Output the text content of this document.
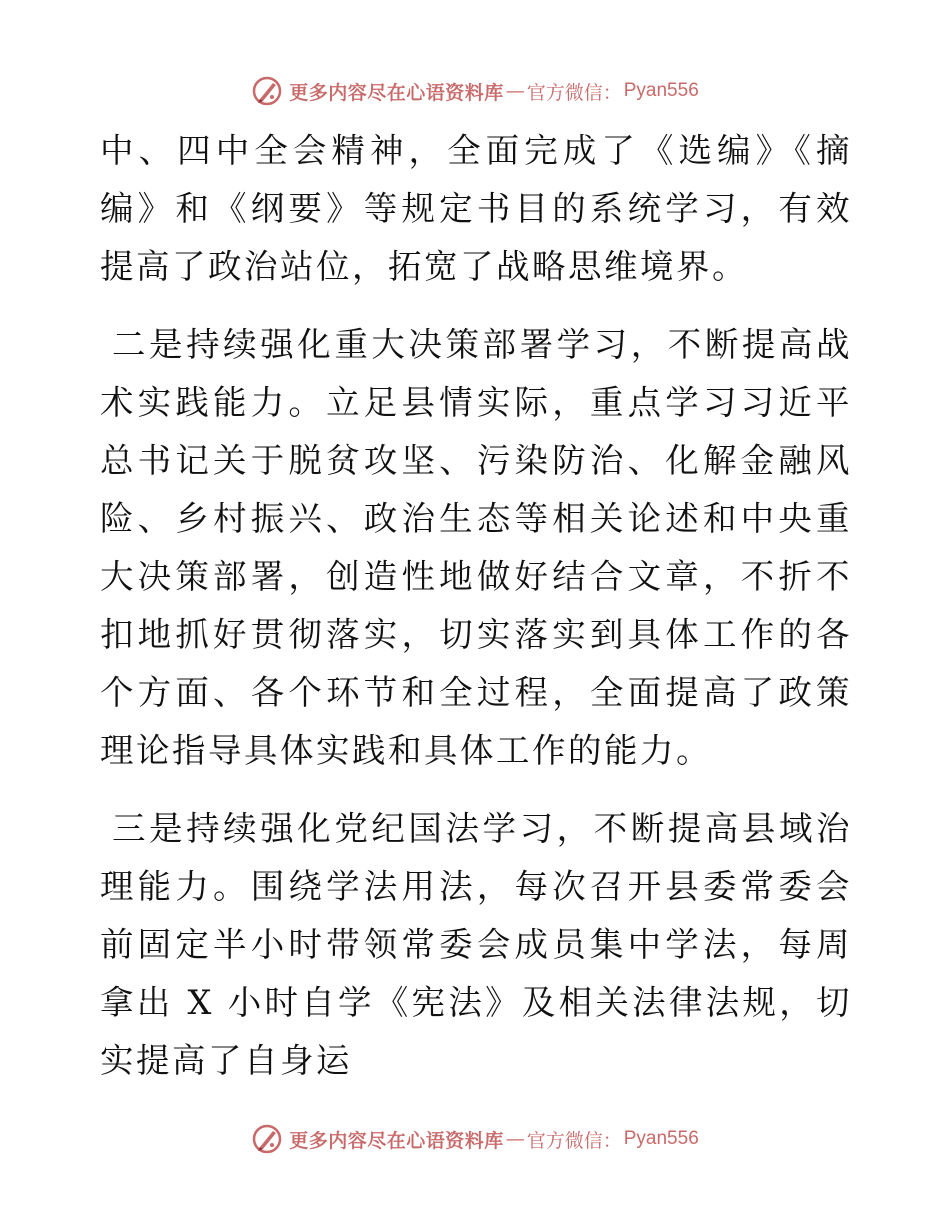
更多内容尽在心语资料库 — 官方微信： Pyan556

中、四中全会精神，全面完成了《选编》《摘编》和《纲要》等规定书目的系统学习，有效提高了政治站位，拓宽了战略思维境界。

二是持续强化重大决策部署学习，不断提高战术实践能力。立足县情实际，重点学习习近平总书记关于脱贫攻坚、污染防治、化解金融风险、乡村振兴、政治生态等相关论述和中央重大决策部署，创造性地做好结合文章，不折不扣地抓好贯彻落实，切实落实到具体工作的各个方面、各个环节和全过程，全面提高了政策理论指导具体实践和具体工作的能力。

三是持续强化党纪国法学习，不断提高县域治理能力。围绕学法用法，每次召开县委常委会前固定半小时带领常委会成员集中学法，每周拿出 X 小时自学《宪法》及相关法律法规，切实提高了自身运

更多内容尽在心语资料库 — 官方微信： Pyan556
